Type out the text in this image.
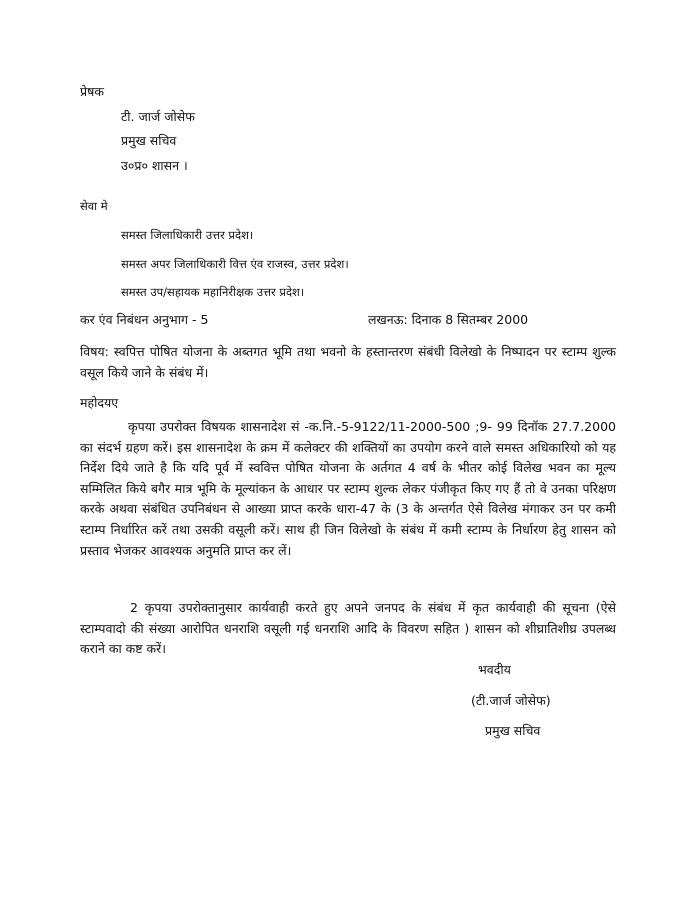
प्रेषक
टी. जार्ज जोसेफ
प्रमुख सचिव
उ०प्र० शासन ।
सेवा मे
समस्त जिलाधिकारी उत्तर प्रदेश।
समस्त अपर जिलाधिकारी वित्त एंव राजस्व, उत्तर प्रदेश।
समस्त उप/सहायक महानिरीक्षक उत्तर प्रदेश।
कर एंव निबंधन अनुभाग - 5	लखनऊ: दिनाक 8 सितम्बर 2000
विषय: स्वपित्त पोषित योजना के अब्तगत भूमि तथा भवनो के हस्तान्तरण संबंधी विलेखो के निष्पादन पर स्टाम्प शुल्क वसूल किये जाने के संबंध में।
महोदयए
कृपया उपरोक्त विषयक शासनादेश सं -क.नि.-5-9122/11-2000-500 ;9- 99 दिनॉक 27.7.2000 का संदर्भ ग्रहण करें। इस शासनादेश के क्रम में कलेक्टर की शक्तियों का उपयोग करने वाले समस्त अधिकारियो को यह निर्देश दिये जाते है कि यदि पूर्व में स्ववित्त पोषित योजना के अर्तगत 4 वर्ष के भीतर कोई विलेख भवन का मूल्य सम्मिलित किये बगैर मात्र भूमि के मूल्यांकन के आधार पर स्टाम्प शुल्क लेकर पंजीकृत किए गए हैं तो वे उनका परिक्षण करके अथवा संबंधित उपनिबंधन से आख्या प्राप्त करके धारा-47 के (3 के अन्तर्गत ऐसे विलेख मंगाकर उन पर कमी स्टाम्प निर्धारित करें तथा उसकी वसूली करें। साथ ही जिन विलेखो के संबंध में कमी स्टाम्प के निर्धारण हेतु शासन को प्रस्ताव भेजकर आवश्यक अनुमति प्राप्त कर लें।
2 कृपया उपरोक्तानुसार कार्यवाही करते हुए अपने जनपद के संबंध में कृत कार्यवाही की सूचना (ऐसे स्टाम्पवादो की संख्या आरोपित धनराशि वसूली गई धनराशि आदि के विवरण सहित ) शासन को शीघ्रातिशीघ्र उपलब्ध कराने का कष्ट करें।
भवदीय
(टी.जार्ज जोसेफ)
प्रमुख सचिव
